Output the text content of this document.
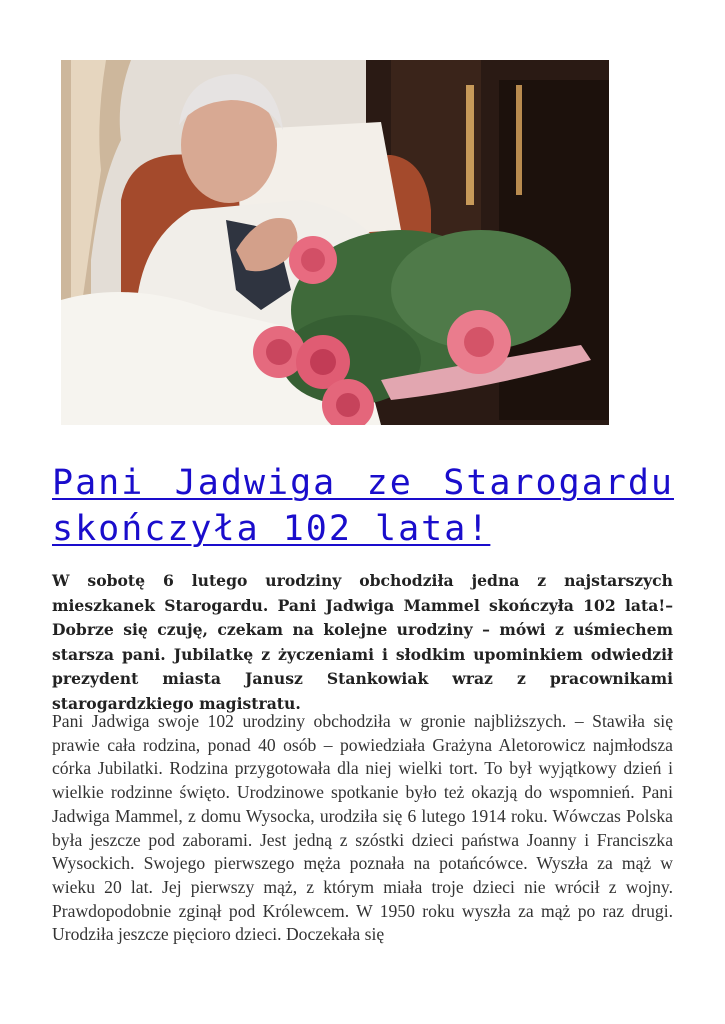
Pani Jadwiga ze Starogardu skończyła 102 lata!

W sobotę 6 lutego urodziny obchodziła jedna z najstarszych mieszkanek Starogardu. Pani Jadwiga Mammel skończyła 102 lata!– Dobrze się czuję, czekam na kolejne urodziny – mówi z uśmiechem starsza pani. Jubilatkę z życzeniami i słodkim upominkiem odwiedził prezydent miasta Janusz Stankowiak wraz z pracownikami starogardzkiego magistratu.

Pani Jadwiga swoje 102 urodziny obchodziła w gronie najbliższych. – Stawiła się prawie cała rodzina, ponad 40 osób – powiedziała Grażyna Aletorowicz najmłodsza córka Jubilatki. Rodzina przygotowała dla niej wielki tort. To był wyjątkowy dzień i wielkie rodzinne święto. Urodzinowe spotkanie było też okazją do wspomnień. Pani Jadwiga Mammel, z domu Wysocka, urodziła się 6 lutego 1914 roku. Wówczas Polska była jeszcze pod zaborami. Jest jedną z szóstki dzieci państwa Joanny i Franciszka Wysockich. Swojego pierwszego męża poznała na potańcówce. Wyszła za mąż w wieku 20 lat. Jej pierwszy mąż, z którym miała troje dzieci nie wrócił z wojny. Prawdopodobnie zginął pod Królewcem. W 1950 roku wyszła za mąż po raz drugi. Urodziła jeszcze pięcioro dzieci. Doczekała się
